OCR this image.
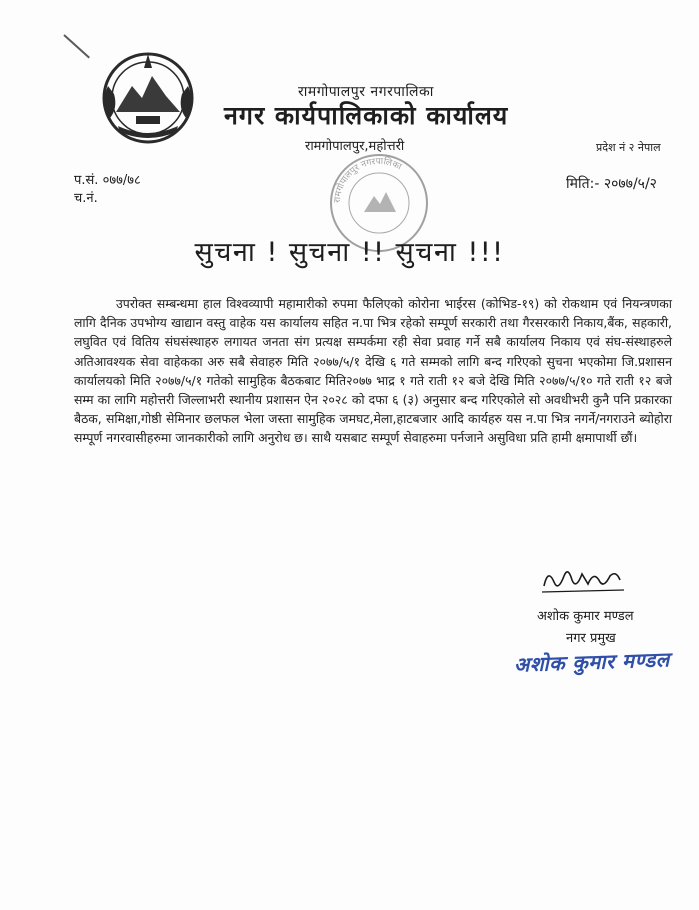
रामगोपालपुर नगरपालिका
नगर कार्यपालिकाको कार्यालय
रामगोपालपुर,महोत्तरी	प्रदेश नं २ नेपाल
प.सं. ०७७/७८
च.नं.
मिति:- २०७७/५/२
रामगोपालपुर नगरपालिका
सुचना ! सुचना !! सुचना !!!

उपरोक्त सम्बन्धमा हाल विश्वव्यापी महामारीको रुपमा फैलिएको कोरोना भाईरस (कोभिड-१९) को रोकथाम एवं नियन्त्रणका लागि दैनिक उपभोग्य खाद्यान वस्तु वाहेक यस कार्यालय सहित न.पा भित्र रहेको सम्पूर्ण सरकारी तथा गैरसरकारी निकाय,बैंक, सहकारी, लघुवित एवं वितिय संघसंस्थाहरु लगायत जनता संग प्रत्यक्ष सम्पर्कमा रही सेवा प्रवाह गर्ने सबै कार्यालय निकाय एवं संघ-संस्थाहरुले अतिआवश्यक सेवा वाहेकका अरु सबै सेवाहरु मिति २०७७/५/१ देखि ६ गते सम्मको लागि बन्द गरिएको सुचना भएकोमा जि.प्रशासन कार्यालयको मिति २०७७/५/१ गतेको सामुहिक बैठकबाट मिति२०७७ भाद्र १ गते राती १२ बजे देखि मिति २०७७/५/१० गते राती १२ बजे सम्म का लागि महोत्तरी जिल्लाभरी स्थानीय प्रशासन ऐन २०२८ को दफा ६ (३) अनुसार बन्द गरिएकोले सो अवधीभरी कुनै पनि प्रकारका बैठक, समिक्षा,गोष्ठी सेमिनार छलफल भेला जस्ता सामुहिक जमघट,मेला,हाटबजार आदि कार्यहरु यस न.पा भित्र नगर्ने/नगराउने ब्योहोरा सम्पूर्ण नगरवासीहरुमा जानकारीको लागि अनुरोध छ। साथै यसबाट सम्पूर्ण सेवाहरुमा पर्नजाने असुविधा प्रति हामी क्षमापार्थी छौं।

अशोक कुमार मण्डल
नगर प्रमुख
अशोक कुमार मण्डल
